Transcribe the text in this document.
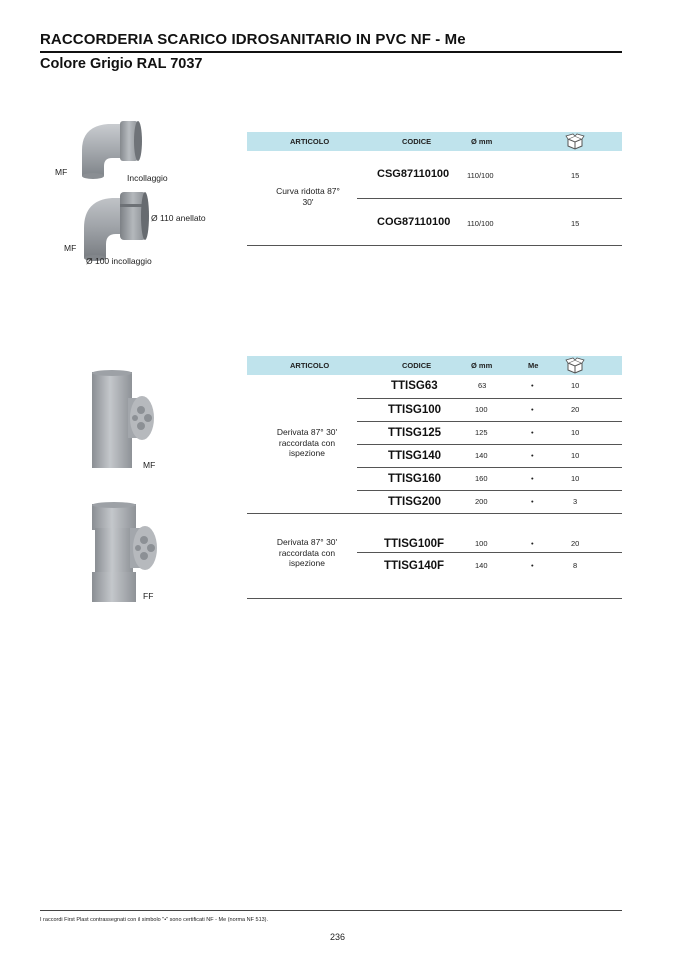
RACCORDERIA SCARICO IDROSANITARIO IN PVC NF - Me
Colore Grigio RAL 7037
MF
Incollaggio
Ø 110 anellato
MF
Ø 100 incollaggio
ARTICOLO	CODICE	Ø mm
Curva ridotta 87° 30'
CSG87110100 110/100	15
COG87110100 110/100	15
MF
FF
ARTICOLO	CODICE	Ø mm	Me
Derivata 87° 30' raccordata con ispezione
TTISG63	63	•	10
TTISG100	100	•	20
TTISG125	125	•	10
TTISG140	140	•	10
TTISG160	160	•	10
TTISG200	200	•	3
Derivata 87° 30' raccordata con ispezione
TTISG100F	100	•	20
TTISG140F	140	•	8
I raccordi First Plast contrassegnati con il simbolo "•" sono certificati NF - Me (norma NF 513).
236
